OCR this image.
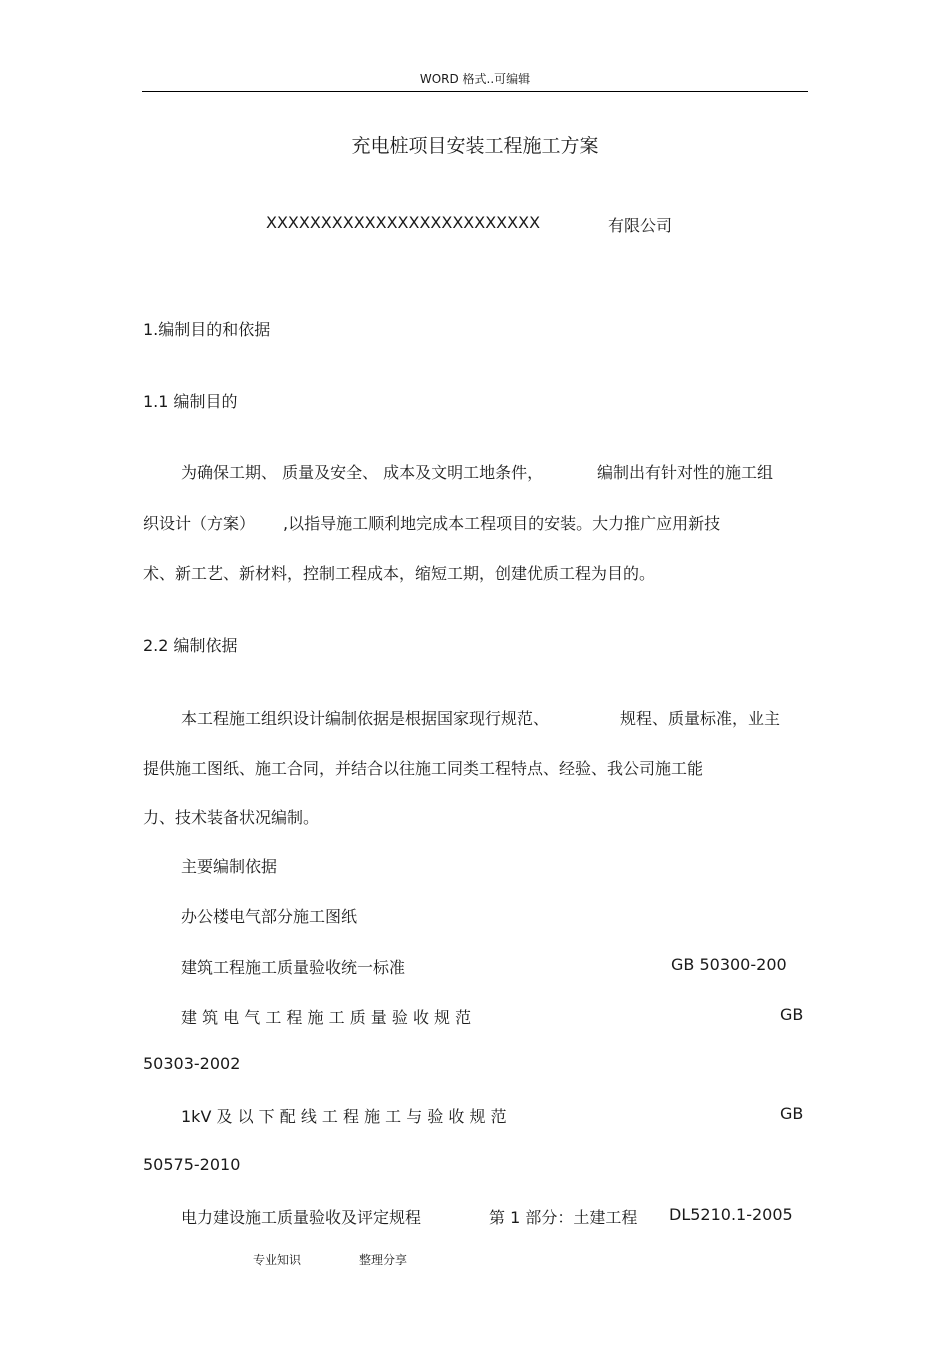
WORD 格式..可编辑
充电桩项目安装工程施工方案
XXXXXXXXXXXXXXXXXXXXXXXXX	有限公司
1.编制目的和依据
1.1 编制目的
为确保工期、 质量及安全、 成本及文明工地条件，	编制出有针对性的施工组
织设计（方案） ,以指导施工顺利地完成本工程项目的安装。大力推广应用新技
术、新工艺、新材料，控制工程成本，缩短工期，创建优质工程为目的。
2.2 编制依据
本工程施工组织设计编制依据是根据国家现行规范、	规程、质量标准，业主
提供施工图纸、施工合同，并结合以往施工同类工程特点、经验、我公司施工能
力、技术装备状况编制。
主要编制依据
办公楼电气部分施工图纸
建筑工程施工质量验收统一标准	GB 50300-200
建 筑 电 气 工 程 施 工 质 量 验 收 规 范	GB
50303-2002
1kV 及 以 下 配 线 工 程 施 工 与 验 收 规 范	GB
50575-2010
电力建设施工质量验收及评定规程	第 1 部分：土建工程 DL5210.1-2005
专业知识	整理分享
